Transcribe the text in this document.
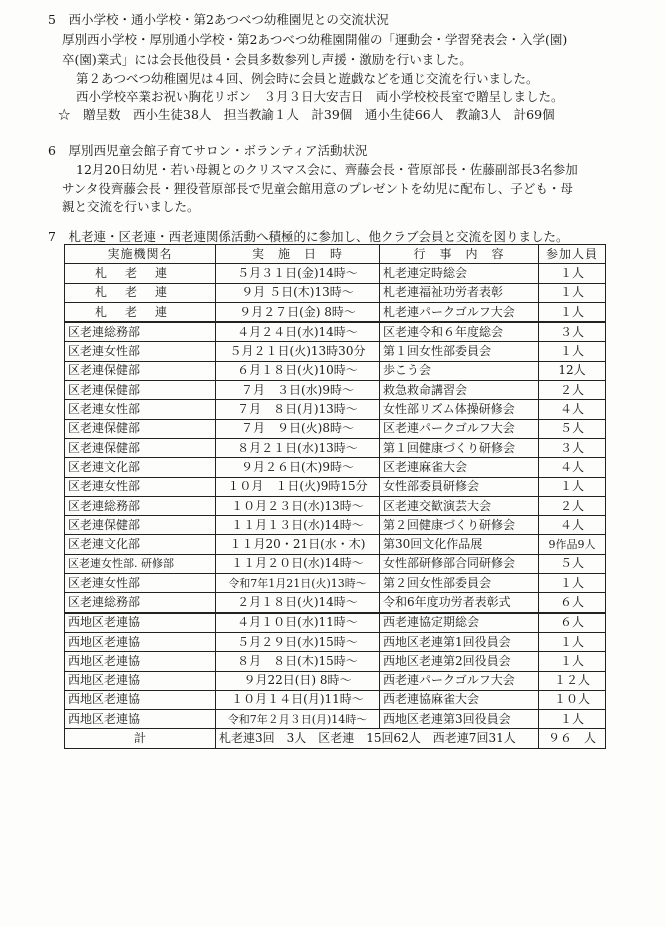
5　西小学校・通小学校・第2あつべつ幼稚園児との交流状況
厚別西小学校・厚別通小学校・第2あつべつ幼稚園開催の「運動会・学習発表会・入学(園)
卒(園)業式」には会長他役員・会員多数参列し声援・激励を行いました。
第２あつべつ幼稚園児は４回、例会時に会員と遊戯などを通じ交流を行いました。
西小学校卒業お祝い胸花リボン　３月３日大安吉日　両小学校校長室で贈呈しました。
☆　贈呈数　西小生徒38人　担当教諭１人　計39個　通小生徒66人　教諭3人　計69個
6　厚別西児童会館子育てサロン・ボランティア活動状況
12月20日幼児・若い母親とのクリスマス会に、齊藤会長・菅原部長・佐藤副部長3名参加
サンタ役齊藤会長・狸役菅原部長で児童会館用意のプレゼントを幼児に配布し、子ども・母
親と交流を行いました。
7　札老連・区老連・西老連関係活動へ積極的に参加し、他クラブ会員と交流を図りました。
実施機関名	実　施　日　時	行　事　内　容	参加人員
札老連	５月３１日(金)14時～	札老連定時総会	１人
札老連	９月 ５日(木)13時～	札老連福祉功労者表彰	１人
札老連	９月２７日(金) 8時～	札老連パークゴルフ大会	１人
区老連総務部	４月２４日(水)14時～	区老連令和６年度総会	３人
区老連女性部	５月２１日(火)13時30分	第１回女性部委員会	１人
区老連保健部	６月１８日(火)10時～	歩こう会	12人
区老連保健部	７月　３日(水)9時～	救急救命講習会	２人
区老連女性部	７月　８日(月)13時～	女性部リズム体操研修会	４人
区老連保健部	７月　９日(火)8時～	区老連パークゴルフ大会	５人
区老連保健部	８月２１日(水)13時～	第１回健康づくり研修会	３人
区老連文化部	９月２６日(木)9時～	区老連麻雀大会	４人
区老連女性部	１０月　１日(火)9時15分	女性部委員研修会	１人
区老連総務部	１０月２３日(水)13時～	区老連交歓演芸大会	２人
区老連保健部	１１月１３日(水)14時～	第２回健康づくり研修会	４人
区老連文化部	１１月20・21日(水・木)	第30回文化作品展	9作品9人
区老連女性部. 研修部	１１月２０日(水)14時～	女性部研修部合同研修会	５人
区老連女性部	令和7年1月21日(火)13時～	第２回女性部委員会	１人
区老連総務部	２月１８日(火)14時～	令和6年度功労者表彰式	６人
西地区老連協	４月１０日(水)11時～	西老連協定期総会	６人
西地区老連協	５月２９日(水)15時～	西地区老連第1回役員会	１人
西地区老連協	８月　８日(木)15時～	西地区老連第2回役員会	１人
西地区老連協	９月22日(日) 8時～	西老連パークゴルフ大会	１２人
西地区老連協	１０月１４日(月)11時～	西老連協麻雀大会	１０人
西地区老連協	令和7年２月３日(月)14時～	西地区老連第3回役員会	１人
計	札老連3回　3人　区老連　15回62人　西老連7回31人		９６　人
